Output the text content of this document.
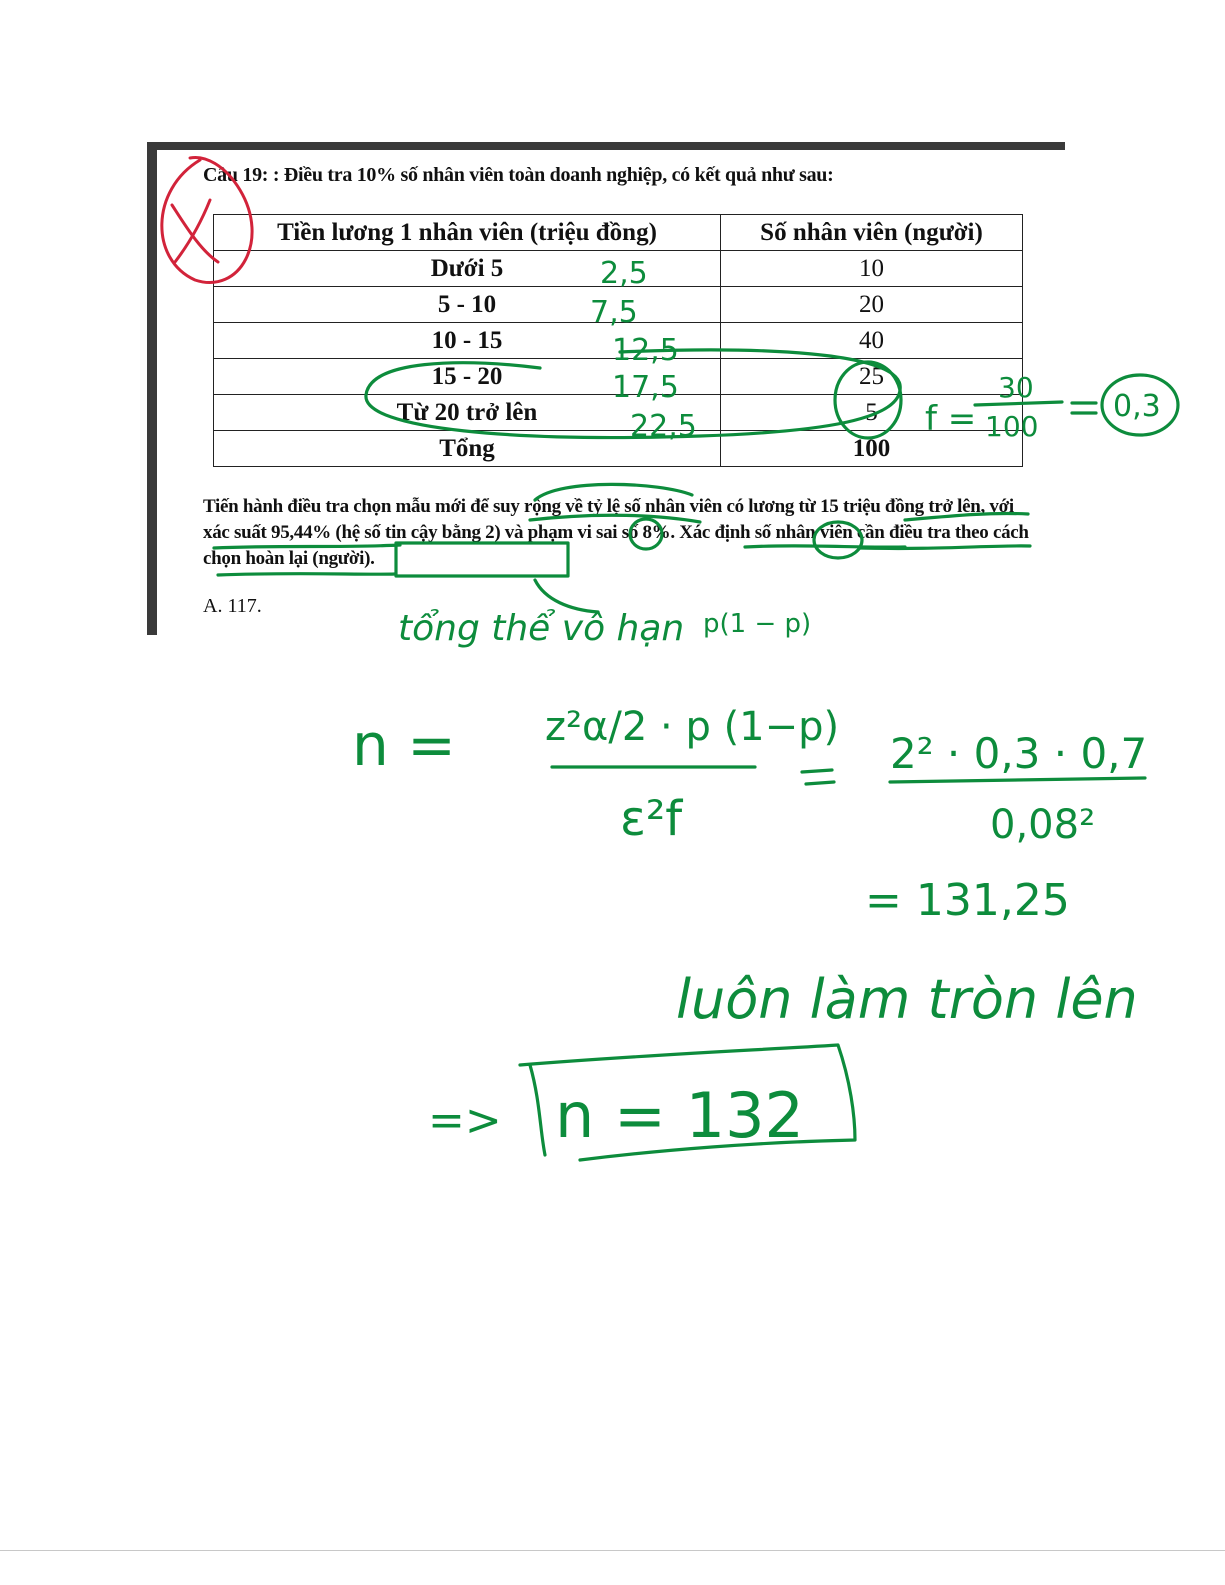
Câu 19: : Điều tra 10% số nhân viên toàn doanh nghiệp, có kết quả như sau:
Tiền lương 1 nhân viên (triệu đồng)	Số nhân viên (người)
Dưới 5	10
5 - 10	20
10 - 15	40
15 - 20	25
Từ 20 trở lên	5
Tổng	100
Tiến hành điều tra chọn mẫu mới để suy rộng về tỷ lệ số nhân viên có lương từ 15 triệu đồng trở lên, với xác suất 95,44% (hệ số tin cậy bằng 2) và phạm vi sai số 8%. Xác định số nhân viên cần điều tra theo cách chọn hoàn lại (người).
A. 117.
2,5
7,5
12,5
17,5
22,5	f =
30
100
0,3
tổng thể vô hạn p(1 − p)
n = z²α/2 · p (1−p)
ε²f
2² · 0,3 · 0,7
0,08²
= 131,25
luôn làm tròn lên
=> n = 132
